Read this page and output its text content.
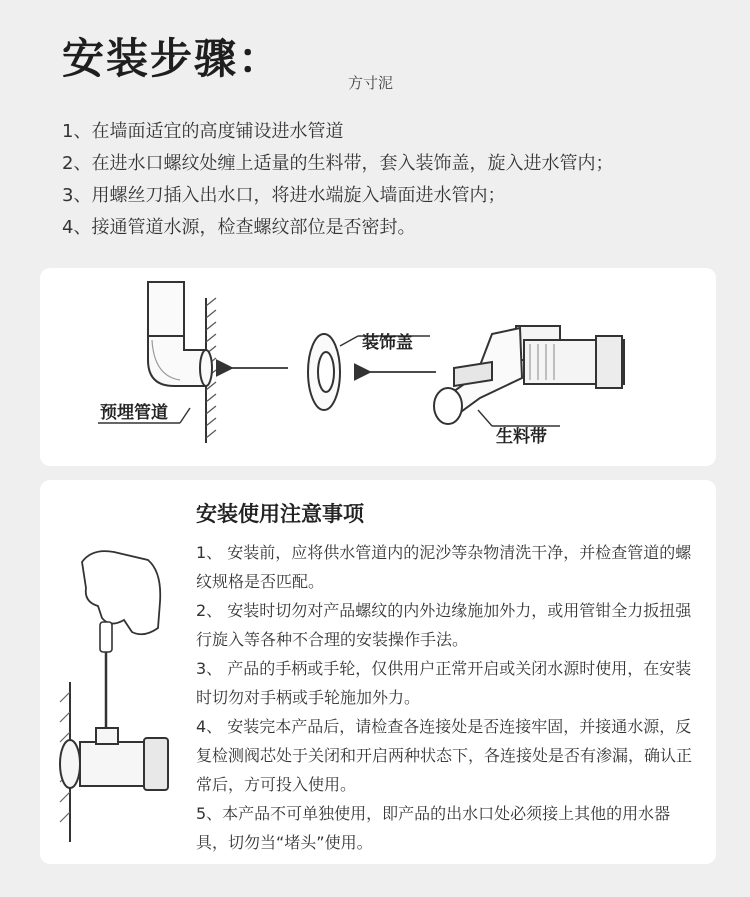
安装步骤：	方寸泥
1、在墙面适宜的高度铺设进水管道
2、在进水口螺纹处缠上适量的生料带，套入装饰盖，旋入进水管内；
3、用螺丝刀插入出水口，将进水端旋入墙面进水管内；
4、接通管道水源，检查螺纹部位是否密封。
预埋管道
装饰盖
生料带
安装使用注意事项

1、 安装前，应将供水管道内的泥沙等杂物清洗干净，并检查管道的螺纹规格是否匹配。

2、 安装时切勿对产品螺纹的内外边缘施加外力，或用管钳全力扳扭强行旋入等各种不合理的安装操作手法。

3、 产品的手柄或手轮，仅供用户正常开启或关闭水源时使用，在安装时切勿对手柄或手轮施加外力。

4、 安装完本产品后，请检查各连接处是否连接牢固，并接通水源，反复检测阀芯处于关闭和开启两种状态下，各连接处是否有渗漏，确认正常后，方可投入使用。

5、本产品不可单独使用，即产品的出水口处必须接上其他的用水器具，切勿当“堵头”使用。
